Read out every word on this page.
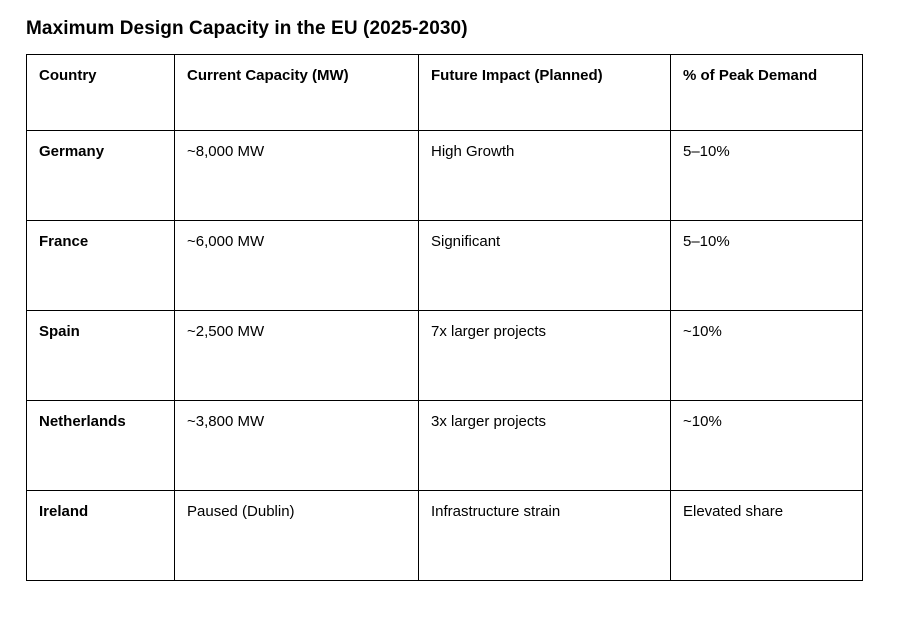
Maximum Design Capacity in the EU (2025-2030)
Country	Current Capacity (MW)	Future Impact (Planned)	% of Peak Demand
Germany	~8,000 MW	High Growth	5–10%
France	~6,000 MW	Significant	5–10%
Spain	~2,500 MW	7x larger projects	~10%
Netherlands	~3,800 MW	3x larger projects	~10%
Ireland	Paused (Dublin)	Infrastructure strain	Elevated share
